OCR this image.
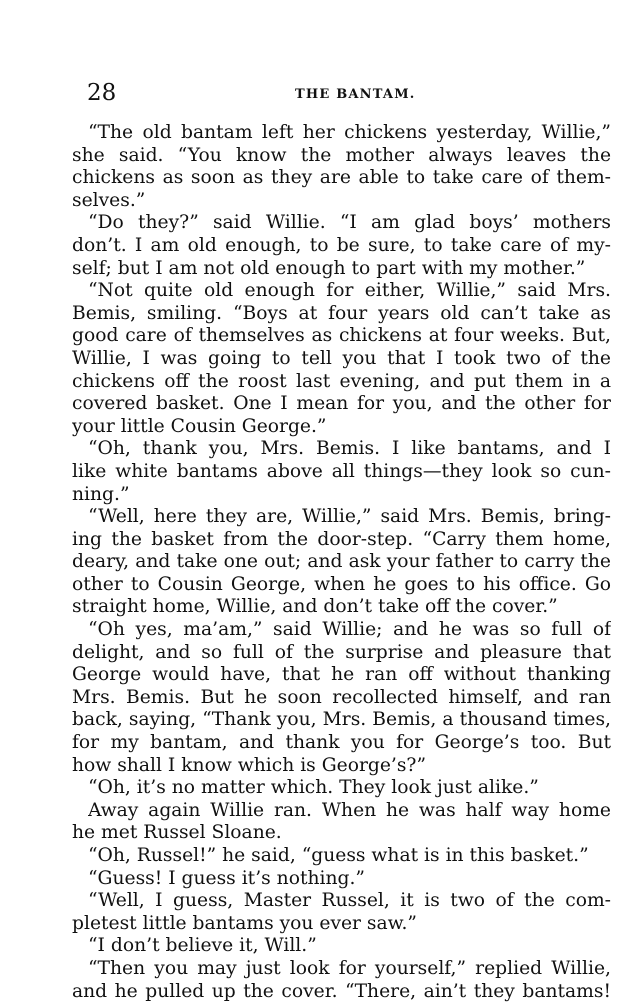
28	THE BANTAM.
“The old bantam left her chickens yesterday, Willie,”
she said. “You know the mother always leaves the
chickens as soon as they are able to take care of them-
selves.”
“Do they?” said Willie. “I am glad boys’ mothers
don’t. I am old enough, to be sure, to take care of my-
self; but I am not old enough to part with my mother.”
“Not quite old enough for either, Willie,” said Mrs.
Bemis, smiling. “Boys at four years old can’t take as
good care of themselves as chickens at four weeks. But,
Willie, I was going to tell you that I took two of the
chickens off the roost last evening, and put them in a
covered basket. One I mean for you, and the other for
your little Cousin George.”
“Oh, thank you, Mrs. Bemis. I like bantams, and I
like white bantams above all things—they look so cun-
ning.”
“Well, here they are, Willie,” said Mrs. Bemis, bring-
ing the basket from the door-step. “Carry them home,
deary, and take one out; and ask your father to carry the
other to Cousin George, when he goes to his office. Go
straight home, Willie, and don’t take off the cover.”
“Oh yes, ma’am,” said Willie; and he was so full of
delight, and so full of the surprise and pleasure that
George would have, that he ran off without thanking
Mrs. Bemis. But he soon recollected himself, and ran
back, saying, “Thank you, Mrs. Bemis, a thousand times,
for my bantam, and thank you for George’s too. But
how shall I know which is George’s?”
“Oh, it’s no matter which. They look just alike.”
Away again Willie ran. When he was half way home
he met Russel Sloane.
“Oh, Russel!” he said, “guess what is in this basket.”
“Guess! I guess it’s nothing.”
“Well, I guess, Master Russel, it is two of the com-
pletest little bantams you ever saw.”
“I don’t believe it, Will.”
“Then you may just look for yourself,” replied Willie,
and he pulled up the cover. “There, ain’t they bantams!
